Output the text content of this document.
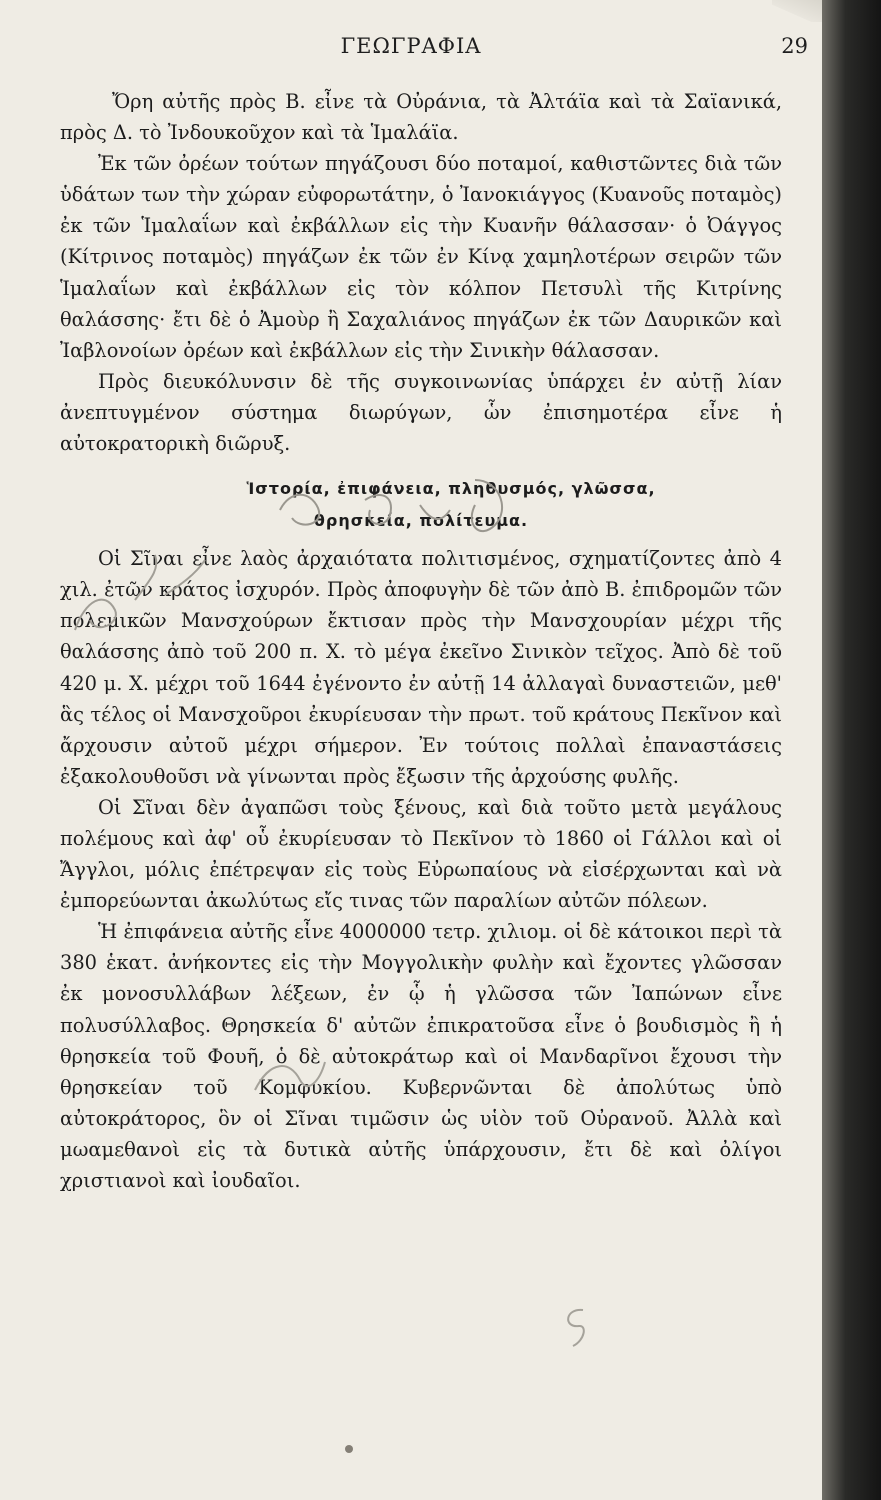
ΓΕΩΓΡΑΦΙΑ	29

Ὄρη αὐτῆς πρὸς Β. εἶνε τὰ Οὐράνια, τὰ Ἀλτάϊα καὶ τὰ Σαϊανικά, πρὸς Δ. τὸ Ἰνδουκοῦχον καὶ τὰ Ἱμαλάϊα.

Ἐκ τῶν ὀρέων τούτων πηγάζουσι δύο ποταμοί, καθιστῶντες διὰ τῶν ὑδάτων των τὴν χώραν εὐφορωτάτην, ὁ Ἰανοκιάγγος (Κυανοῦς ποταμὸς) ἐκ τῶν Ἱμαλαΐων καὶ ἐκβάλλων εἰς τὴν Κυανῆν θάλασσαν· ὁ Ὀάγγος (Κίτρινος ποταμὸς) πηγάζων ἐκ τῶν ἐν Κίνᾳ χαμηλοτέρων σειρῶν τῶν Ἱμαλαΐων καὶ ἐκβάλλων εἰς τὸν κόλπον Πετσυλὶ τῆς Κιτρίνης θαλάσσης· ἔτι δὲ ὁ Ἀμοὺρ ἢ Σαχαλιάνος πηγάζων ἐκ τῶν Δαυρικῶν καὶ Ἰαβλονοίων ὀρέων καὶ ἐκβάλλων εἰς τὴν Σινικὴν θάλασσαν.

Πρὸς διευκόλυνσιν δὲ τῆς συγκοινωνίας ὑπάρχει ἐν αὐτῇ λίαν ἀνεπτυγμένον σύστημα διωρύγων, ὧν ἐπισημοτέρα εἶνε ἡ αὐτοκρατορικὴ διῶρυξ.

Ἱστορία, ἐπιφάνεια, πληθυσμός, γλῶσσα,
θρησκεία, πολίτευμα.

Οἱ Σῖναι εἶνε λαὸς ἀρχαιότατα πολιτισμένος, σχηματίζοντες ἀπὸ 4 χιλ. ἐτῶν κράτος ἰσχυρόν. Πρὸς ἀποφυγὴν δὲ τῶν ἀπὸ Β. ἐπιδρομῶν τῶν πολεμικῶν Μανσχούρων ἔκτισαν πρὸς τὴν Μανσχουρίαν μέχρι τῆς θαλάσσης ἀπὸ τοῦ 200 π. Χ. τὸ μέγα ἐκεῖνο Σινικὸν τεῖχος. Ἀπὸ δὲ τοῦ 420 μ. Χ. μέχρι τοῦ 1644 ἐγένοντο ἐν αὐτῇ 14 ἀλλαγαὶ δυναστειῶν, μεθ' ἃς τέλος οἱ Μανσχοῦροι ἐκυρίευσαν τὴν πρωτ. τοῦ κράτους Πεκῖνον καὶ ἄρχουσιν αὐτοῦ μέχρι σήμερον. Ἐν τούτοις πολλαὶ ἐπαναστάσεις ἐξακολουθοῦσι νὰ γίνωνται πρὸς ἔξωσιν τῆς ἀρχούσης φυλῆς.

Οἱ Σῖναι δὲν ἀγαπῶσι τοὺς ξένους, καὶ διὰ τοῦτο μετὰ μεγάλους πολέμους καὶ ἀφ' οὗ ἐκυρίευσαν τὸ Πεκῖνον τὸ 1860 οἱ Γάλλοι καὶ οἱ Ἄγγλοι, μόλις ἐπέτρεψαν εἰς τοὺς Εὐρωπαίους νὰ εἰσέρχωνται καὶ νὰ ἐμπορεύωνται ἀκωλύτως εἴς τινας τῶν παραλίων αὐτῶν πόλεων.

Ἡ ἐπιφάνεια αὐτῆς εἶνε 4000000 τετρ. χιλιομ. οἱ δὲ κάτοικοι περὶ τὰ 380 ἑκατ. ἀνήκοντες εἰς τὴν Μογγολικὴν φυλὴν καὶ ἔχοντες γλῶσσαν ἐκ μονοσυλλάβων λέξεων, ἐν ᾧ ἡ γλῶσσα τῶν Ἰαπώνων εἶνε πολυσύλλαβος. Θρησκεία δ' αὐτῶν ἐπικρατοῦσα εἶνε ὁ βουδισμὸς ἢ ἡ θρησκεία τοῦ Φουῆ, ὁ δὲ αὐτοκράτωρ καὶ οἱ Μανδαρῖνοι ἔχουσι τὴν θρησκείαν τοῦ Κομφυκίου. Κυβερνῶνται δὲ ἀπολύτως ὑπὸ αὐτοκράτορος, ὃν οἱ Σῖναι τιμῶσιν ὡς υἱὸν τοῦ Οὐρανοῦ. Ἀλλὰ καὶ μωαμεθανοὶ εἰς τὰ δυτικὰ αὐτῆς ὑπάρχουσιν, ἔτι δὲ καὶ ὀλίγοι χριστιανοὶ καὶ ἰουδαῖοι.
